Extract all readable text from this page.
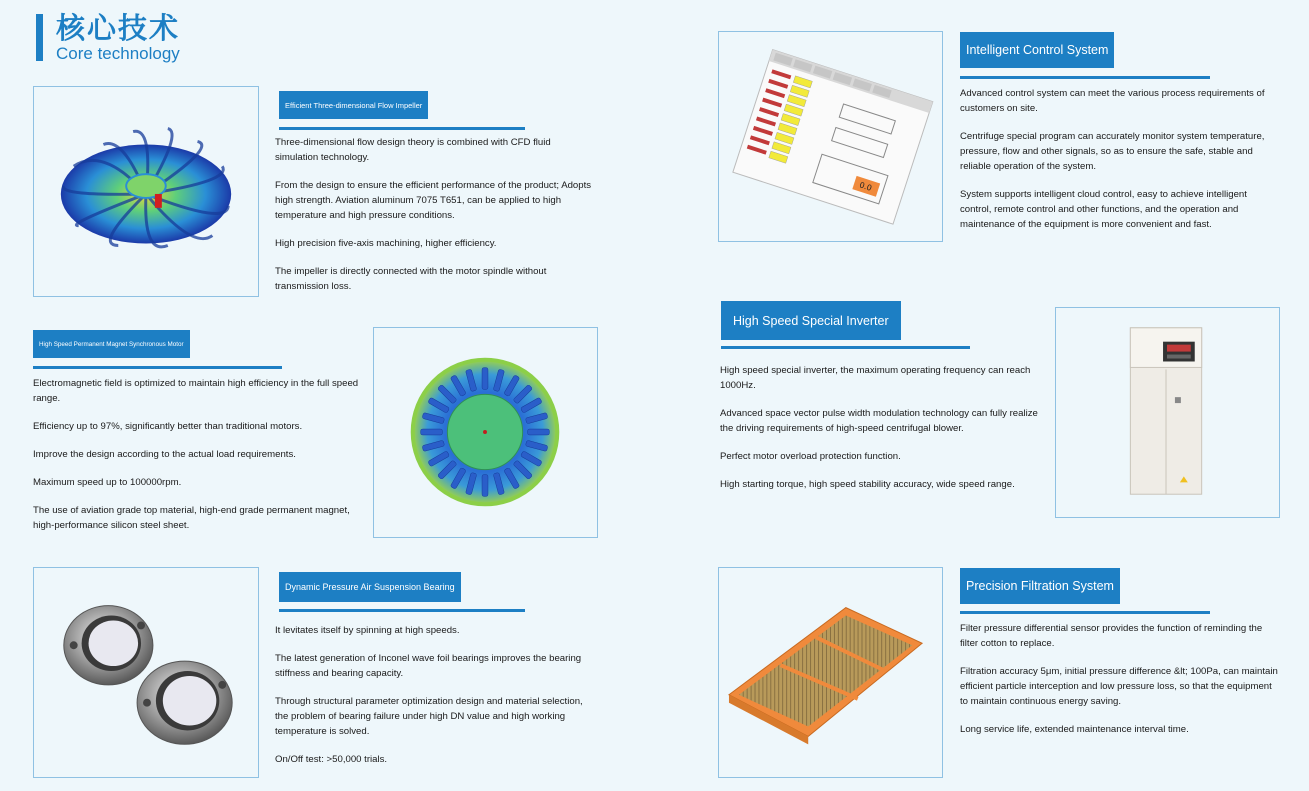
核心技术
Core technology
Efficient Three-dimensional Flow Impeller

Three-dimensional flow design theory is combined with CFD fluid simulation technology.

From the design to ensure the efficient performance of the product; Adopts high strength. Aviation aluminum 7075 T651, can be applied to high temperature and high pressure conditions.

High precision five-axis machining, higher efficiency.

The impeller is directly connected with the motor spindle without transmission loss.

High Speed Permanent Magnet Synchronous Motor

Electromagnetic field is optimized to maintain high efficiency in the full speed range.

Efficiency up to 97%, significantly better than traditional motors.

Improve the design according to the actual load requirements.

Maximum speed up to 100000rpm.

The use of aviation grade top material, high-end grade permanent magnet, high-performance silicon steel sheet.

Dynamic Pressure Air Suspension Bearing

It levitates itself by spinning at high speeds.

The latest generation of Inconel wave foil bearings improves the bearing stiffness and bearing capacity.

Through structural parameter optimization design and material selection, the problem of bearing failure under high DN value and high working temperature is solved.

On/Off test: >50,000 trials.

0.0
Intelligent Control System

Advanced control system can meet the various process requirements of customers on site.

Centrifuge special program can accurately monitor system temperature, pressure, flow and other signals, so as to ensure the safe, stable and reliable operation of the system.

System supports intelligent cloud control, easy to achieve intelligent control, remote control and other functions, and the operation and maintenance of the equipment is more convenient and fast.

High Speed Special Inverter

High speed special inverter, the maximum operating frequency can reach 1000Hz.

Advanced space vector pulse width modulation technology can fully realize the driving requirements of high-speed centrifugal blower.

Perfect motor overload protection function.

High starting torque, high speed stability accuracy, wide speed range.

Precision Filtration System

Filter pressure differential sensor provides the function of reminding the filter cotton to replace.

Filtration accuracy 5μm, initial pressure difference &lt; 100Pa, can maintain efficient particle interception and low pressure loss, so that the equipment to maintain continuous energy saving.

Long service life, extended maintenance interval time.
